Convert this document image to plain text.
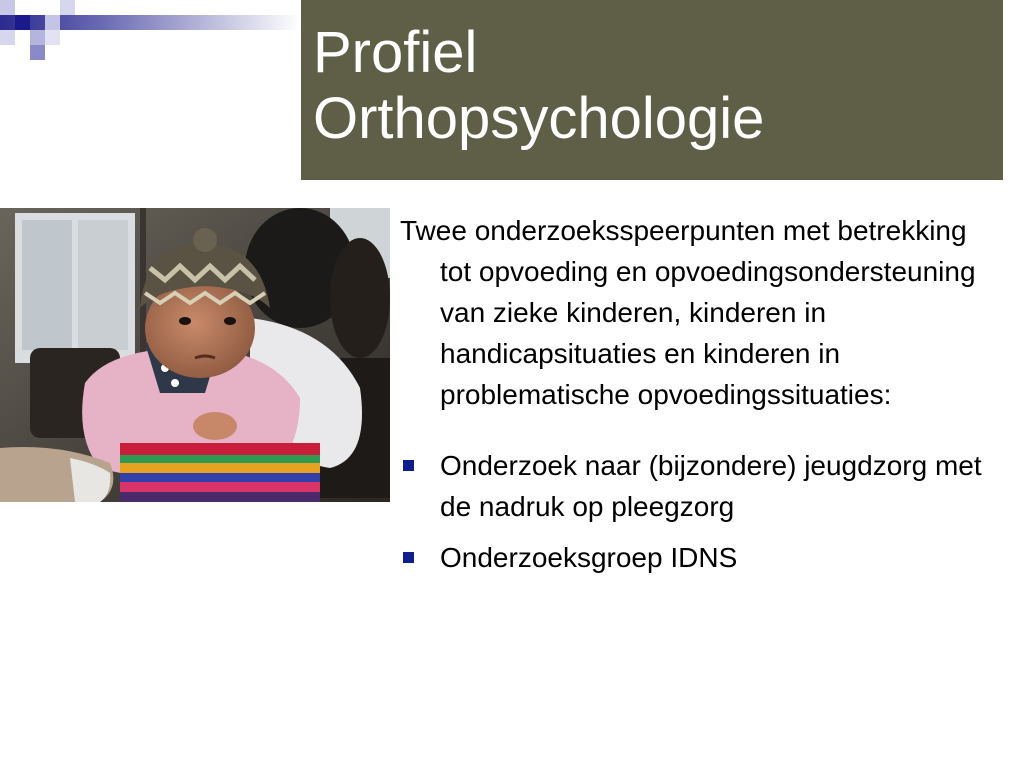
Profiel
Orthopsychologie

Twee onderzoeksspeerpunten met betrekking tot opvoeding en opvoedingsondersteuning van zieke kinderen, kinderen in handicapsituaties en kinderen in problematische opvoedingssituaties:

Onderzoek naar (bijzondere) jeugdzorg met de nadruk op pleegzorg
Onderzoeksgroep IDNS
